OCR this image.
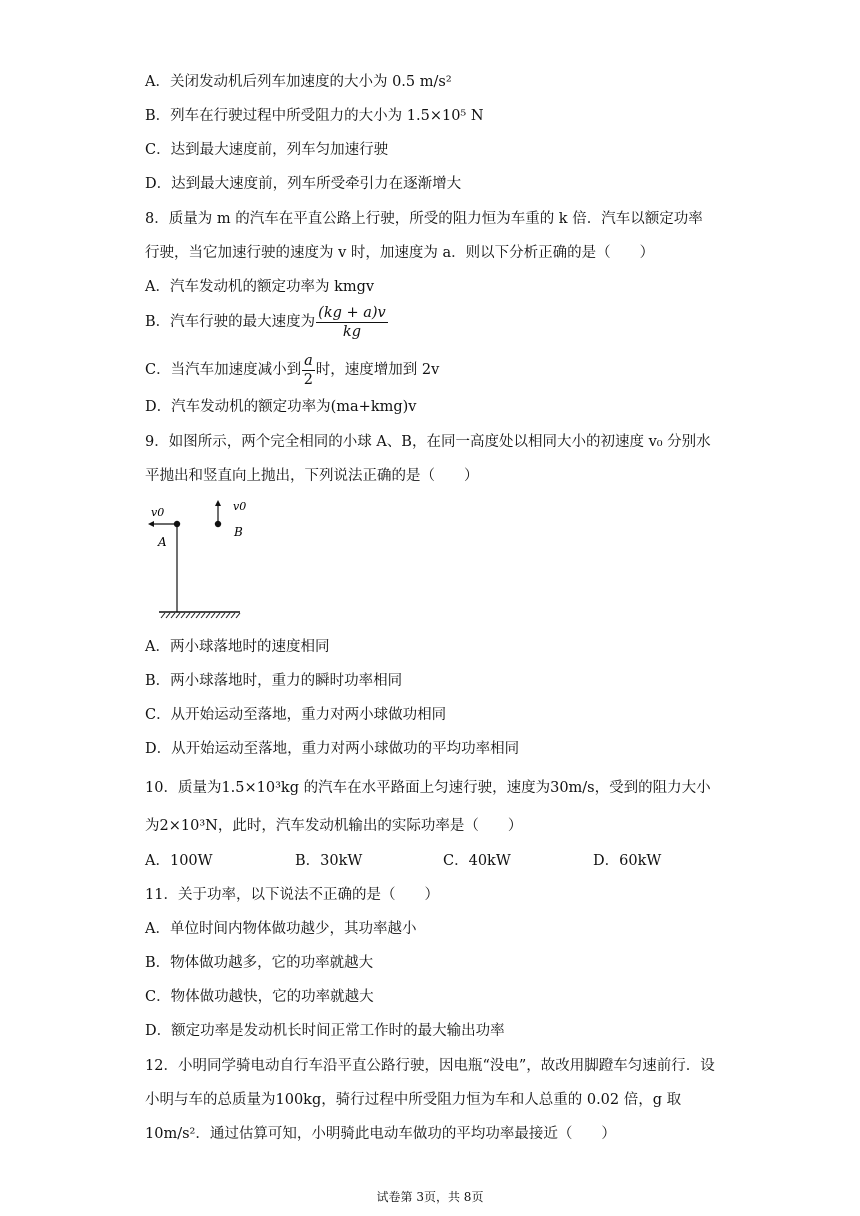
A．关闭发动机后列车加速度的大小为 0.5 m/s²
B．列车在行驶过程中所受阻力的大小为 1.5×10⁵ N
C．达到最大速度前，列车匀加速行驶
D．达到最大速度前，列车所受牵引力在逐渐增大
8．质量为 m 的汽车在平直公路上行驶，所受的阻力恒为车重的 k 倍．汽车以额定功率
行驶，当它加速行驶的速度为 v 时，加速度为 a．则以下分析正确的是（　　）
A．汽车发动机的额定功率为 kmgv
B．汽车行驶的最大速度为 $\frac{(kg + a)v}{kg}$
C．当汽车加速度减小到 $\frac{a}{2}$ 时，速度增加到 2v
D．汽车发动机的额定功率为(ma+kmg)v
9．如图所示，两个完全相同的小球 A、B，在同一高度处以相同大小的初速度 v₀ 分别水
平抛出和竖直向上抛出，下列说法正确的是（　　）
v0	v0
A
B
A．两小球落地时的速度相同
B．两小球落地时，重力的瞬时功率相同
C．从开始运动至落地，重力对两小球做功相同
D．从开始运动至落地，重力对两小球做功的平均功率相同
10．质量为1.5×10³kg 的汽车在水平路面上匀速行驶，速度为30m/s，受到的阻力大小
为2×10³N，此时，汽车发动机输出的实际功率是（　　）
A．100W	B．30kW	C．40kW	D．60kW
11．关于功率，以下说法不正确的是（　　）
A．单位时间内物体做功越少，其功率越小
B．物体做功越多，它的功率就越大
C．物体做功越快，它的功率就越大
D．额定功率是发动机长时间正常工作时的最大输出功率
12．小明同学骑电动自行车沿平直公路行驶，因电瓶“没电”，故改用脚蹬车匀速前行．设
小明与车的总质量为100kg，骑行过程中所受阻力恒为车和人总重的 0.02 倍，g 取
10m/s²．通过估算可知，小明骑此电动车做功的平均功率最接近（　　）
试卷第 3页，共 8页
